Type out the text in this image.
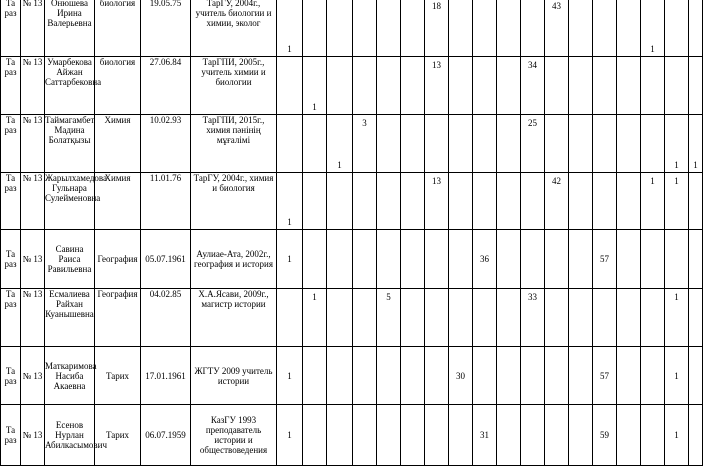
Та раз	№ 13	Онюшева Ирина Валерьевна	биология	19.05.75	ТарГУ, 2004г., учитель биологии и химии, эколог	1						18					43				1		

Та раз	№ 13	Умарбекова Айжан Саттарбековна	биология	27.06.84	ТарГПИ, 2005г., учитель химии и биологии		1					13				34							

Та раз	№ 13	Таймагамбет Мадина Болатқызы	Химия	10.02.93	ТарГПИ, 2015г., химия пәнінің мұғалімі			1	3							25						1	1

Та раз	№ 13	Жарылхамедова Гульнара Сулейменовна	Химия	11.01.76	ТарГУ, 2004г., химия и биология	1						13					42				1	1	

Та раз	№ 13	Савина Раиса Равильевна	География	05.07.1961	Аулиае-Ата, 2002г., география и история	1								36					57				

Та раз	№ 13	Есмалиева Райхан Куанышевна	География	04.02.85	Х.А.Ясави, 2009г., магистр истории		1			5						33						1	

Та раз	№ 13	Маткаримова Насиба Акаевна	Тарих	17.01.1961	ЖГТУ 2009 учитель истории	1							30						57			1	

Та раз	№ 13	Есенов Нурлан Абилкасымович	Тарих	06.07.1959	КазГУ 1993 преподаватель истории и обществоведения	1								31					59			1	
